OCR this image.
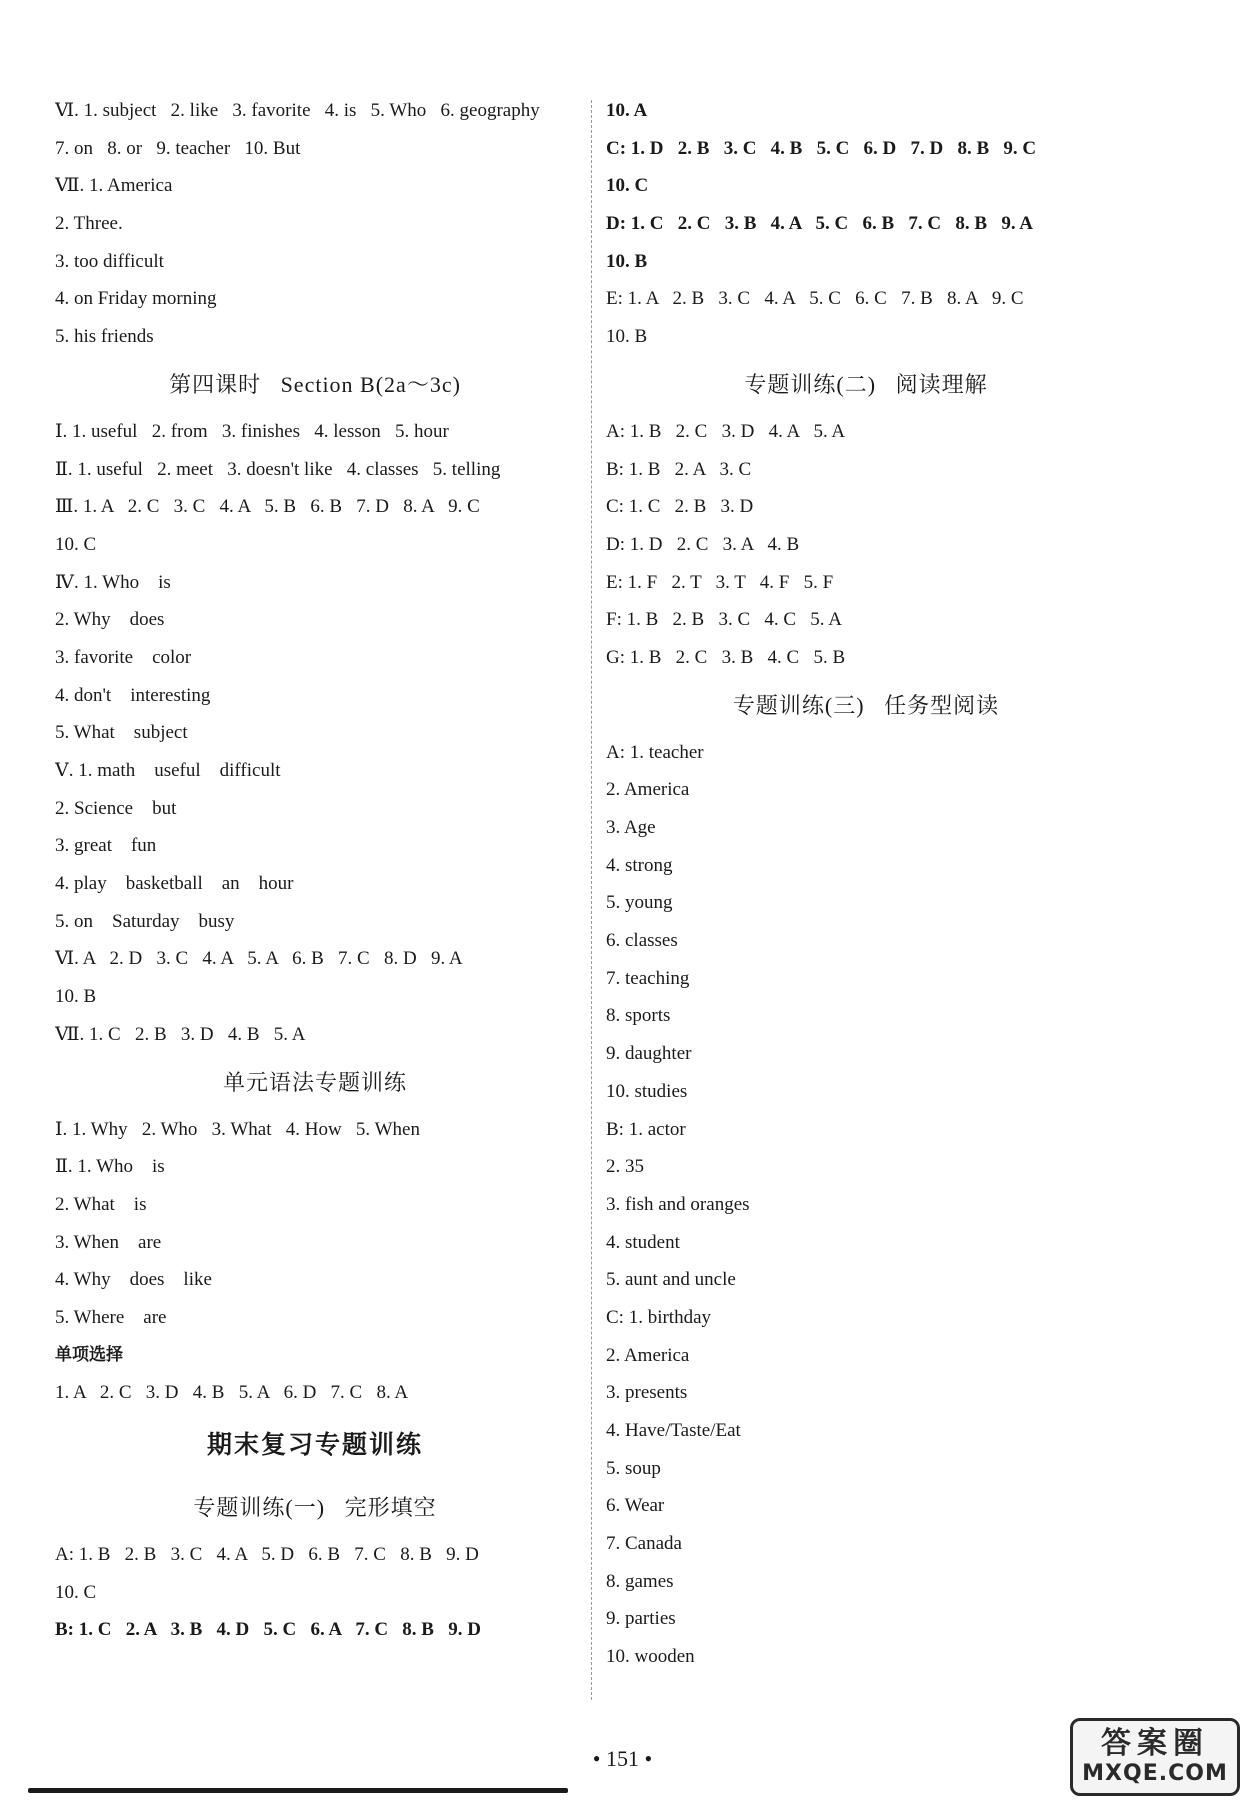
Ⅵ. 1. subject   2. like   3. favorite   4. is   5. Who   6. geography
7. on   8. or   9. teacher   10. But
Ⅶ. 1. America
2. Three.
3. too difficult
4. on Friday morning
5. his friends
第四课时   Section B(2a～3c)
Ⅰ. 1. useful   2. from   3. finishes   4. lesson   5. hour
Ⅱ. 1. useful   2. meet   3. doesn't like   4. classes   5. telling
Ⅲ. 1. A   2. C   3. C   4. A   5. B   6. B   7. D   8. A   9. C
10. C
Ⅳ. 1. Who    is
2. Why    does
3. favorite    color
4. don't    interesting
5. What    subject
Ⅴ. 1. math    useful    difficult
2. Science    but
3. great    fun
4. play    basketball    an    hour
5. on    Saturday    busy
Ⅵ. A   2. D   3. C   4. A   5. A   6. B   7. C   8. D   9. A
10. B
Ⅶ. 1. C   2. B   3. D   4. B   5. A
单元语法专题训练
Ⅰ. 1. Why   2. Who   3. What   4. How   5. When
Ⅱ. 1. Who    is
2. What    is
3. When    are
4. Why    does    like
5. Where    are
单项选择
1. A   2. C   3. D   4. B   5. A   6. D   7. C   8. A
期末复习专题训练
专题训练(一)   完形填空
A: 1. B   2. B   3. C   4. A   5. D   6. B   7. C   8. B   9. D
10. C
B: 1. C   2. A   3. B   4. D   5. C   6. A   7. C   8. B   9. D
10. A
C: 1. D   2. B   3. C   4. B   5. C   6. D   7. D   8. B   9. C
10. C
D: 1. C   2. C   3. B   4. A   5. C   6. B   7. C   8. B   9. A
10. B
E: 1. A   2. B   3. C   4. A   5. C   6. C   7. B   8. A   9. C
10. B
专题训练(二)   阅读理解
A: 1. B   2. C   3. D   4. A   5. A
B: 1. B   2. A   3. C
C: 1. C   2. B   3. D
D: 1. D   2. C   3. A   4. B
E: 1. F   2. T   3. T   4. F   5. F
F: 1. B   2. B   3. C   4. C   5. A
G: 1. B   2. C   3. B   4. C   5. B
专题训练(三)   任务型阅读
A: 1. teacher
2. America
3. Age
4. strong
5. young
6. classes
7. teaching
8. sports
9. daughter
10. studies
B: 1. actor
2. 35
3. fish and oranges
4. student
5. aunt and uncle
C: 1. birthday
2. America
3. presents
4. Have/Taste/Eat
5. soup
6. Wear
7. Canada
8. games
9. parties
10. wooden
• 151 •	答案圈
MXQE.COM
